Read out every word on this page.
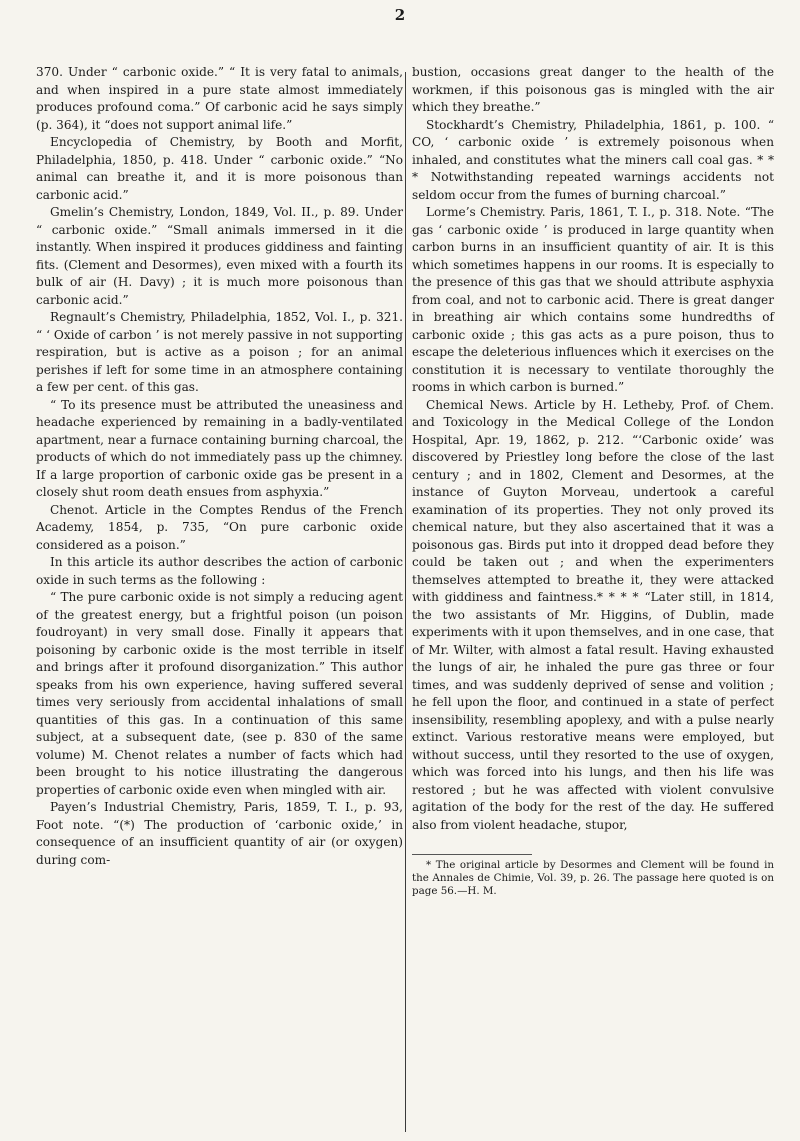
2

370. Under “ carbonic oxide.” “ It is very fatal to animals, and when inspired in a pure state almost immediately produces profound coma.” Of carbonic acid he says simply (p. 364), it “does not support animal life.”

Encyclopedia of Chemistry, by Booth and Morfit, Philadelphia, 1850, p. 418. Under “ carbonic oxide.” “No animal can breathe it, and it is more poisonous than carbonic acid.”

Gmelin’s Chemistry, London, 1849, Vol. II., p. 89. Under “ carbonic oxide.” “Small animals immersed in it die instantly. When inspired it produces giddiness and fainting fits. (Clement and Desormes), even mixed with a fourth its bulk of air (H. Davy) ; it is much more poisonous than carbonic acid.”

Regnault’s Chemistry, Philadelphia, 1852, Vol. I., p. 321. “ ‘ Oxide of carbon ’ is not merely passive in not supporting respiration, but is active as a poison ; for an animal perishes if left for some time in an atmosphere containing a few per cent. of this gas.

“ To its presence must be attributed the uneasiness and headache experienced by remaining in a badly-ventilated apartment, near a furnace containing burning charcoal, the products of which do not immediately pass up the chimney. If a large proportion of carbonic oxide gas be present in a closely shut room death ensues from asphyxia.”

Chenot. Article in the Comptes Rendus of the French Academy, 1854, p. 735, “On pure carbonic oxide considered as a poison.”

In this article its author describes the action of carbonic oxide in such terms as the following :

“ The pure carbonic oxide is not simply a reducing agent of the greatest energy, but a frightful poison (un poison foudroyant) in very small dose. Finally it appears that poisoning by carbonic oxide is the most terrible in itself and brings after it profound disorganization.” This author speaks from his own experience, having suffered several times very seriously from accidental inhalations of small quantities of this gas. In a continuation of this same subject, at a subsequent date, (see p. 830 of the same volume) M. Chenot relates a number of facts which had been brought to his notice illustrating the dangerous properties of carbonic oxide even when mingled with air.

Payen’s Industrial Chemistry, Paris, 1859, T. I., p. 93, Foot note. “(*) The production of ‘carbonic oxide,’ in consequence of an insufficient quantity of air (or oxygen) during com-

bustion, occasions great danger to the health of the workmen, if this poisonous gas is mingled with the air which they breathe.”

Stockhardt’s Chemistry, Philadelphia, 1861, p. 100. “ CO, ‘ carbonic oxide ’ is extremely poisonous when inhaled, and constitutes what the miners call coal gas. * * * Notwithstanding repeated warnings accidents not seldom occur from the fumes of burning charcoal.”

Lorme’s Chemistry. Paris, 1861, T. I., p. 318. Note. “The gas ‘ carbonic oxide ’ is produced in large quantity when carbon burns in an insufficient quantity of air. It is this which sometimes happens in our rooms. It is especially to the presence of this gas that we should attribute asphyxia from coal, and not to carbonic acid. There is great danger in breathing air which contains some hundredths of carbonic oxide ; this gas acts as a pure poison, thus to escape the deleterious influences which it exercises on the constitution it is necessary to ventilate thoroughly the rooms in which carbon is burned.”

Chemical News. Article by H. Letheby, Prof. of Chem. and Toxicology in the Medical College of the London Hospital, Apr. 19, 1862, p. 212. “‘Carbonic oxide’ was discovered by Priestley long before the close of the last century ; and in 1802, Clement and Desormes, at the instance of Guyton Morveau, undertook a careful examination of its properties. They not only proved its chemical nature, but they also ascertained that it was a poisonous gas. Birds put into it dropped dead before they could be taken out ; and when the experimenters themselves attempted to breathe it, they were attacked with giddiness and faintness.* * * * “Later still, in 1814, the two assistants of Mr. Higgins, of Dublin, made experiments with it upon themselves, and in one case, that of Mr. Wilter, with almost a fatal result. Having exhausted the lungs of air, he inhaled the pure gas three or four times, and was suddenly deprived of sense and volition ; he fell upon the floor, and continued in a state of perfect insensibility, resembling apoplexy, and with a pulse nearly extinct. Various restorative means were employed, but without success, until they resorted to the use of oxygen, which was forced into his lungs, and then his life was restored ; but he was affected with violent convulsive agitation of the body for the rest of the day. He suffered also from violent headache, stupor,

* The original article by Desormes and Clement will be found in the Annales de Chimie, Vol. 39, p. 26. The passage here quoted is on page 56.—H. M.
